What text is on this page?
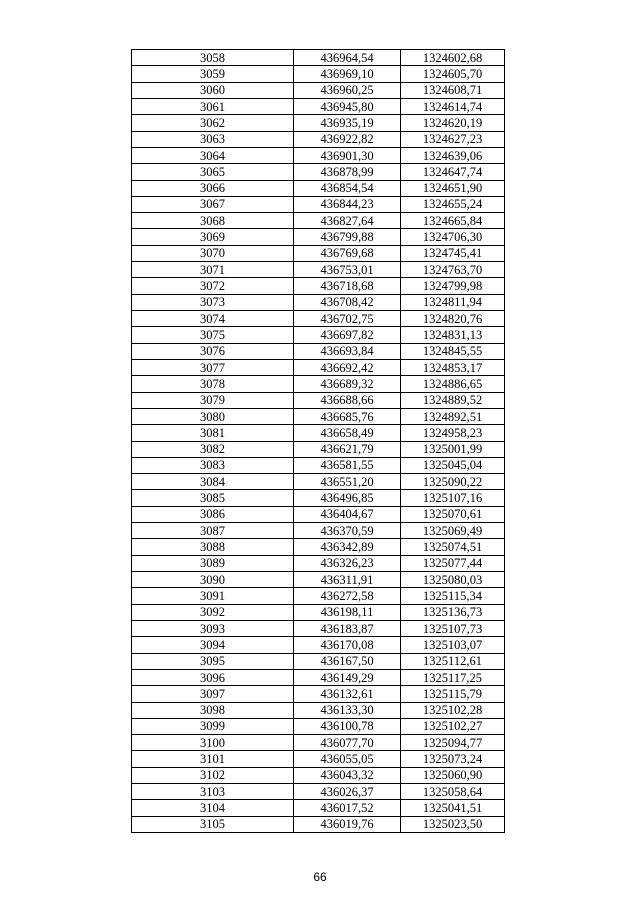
3058	436964,54	1324602,68
3059	436969,10	1324605,70
3060	436960,25	1324608,71
3061	436945,80	1324614,74
3062	436935,19	1324620,19
3063	436922,82	1324627,23
3064	436901,30	1324639,06
3065	436878,99	1324647,74
3066	436854,54	1324651,90
3067	436844,23	1324655,24
3068	436827,64	1324665,84
3069	436799,88	1324706,30
3070	436769,68	1324745,41
3071	436753,01	1324763,70
3072	436718,68	1324799,98
3073	436708,42	1324811,94
3074	436702,75	1324820,76
3075	436697,82	1324831,13
3076	436693,84	1324845,55
3077	436692,42	1324853,17
3078	436689,32	1324886,65
3079	436688,66	1324889,52
3080	436685,76	1324892,51
3081	436658,49	1324958,23
3082	436621,79	1325001,99
3083	436581,55	1325045,04
3084	436551,20	1325090,22
3085	436496,85	1325107,16
3086	436404,67	1325070,61
3087	436370,59	1325069,49
3088	436342,89	1325074,51
3089	436326,23	1325077,44
3090	436311,91	1325080,03
3091	436272,58	1325115,34
3092	436198,11	1325136,73
3093	436183,87	1325107,73
3094	436170,08	1325103,07
3095	436167,50	1325112,61
3096	436149,29	1325117,25
3097	436132,61	1325115,79
3098	436133,30	1325102,28
3099	436100,78	1325102,27
3100	436077,70	1325094,77
3101	436055,05	1325073,24
3102	436043,32	1325060,90
3103	436026,37	1325058,64
3104	436017,52	1325041,51
3105	436019,76	1325023,50
66
